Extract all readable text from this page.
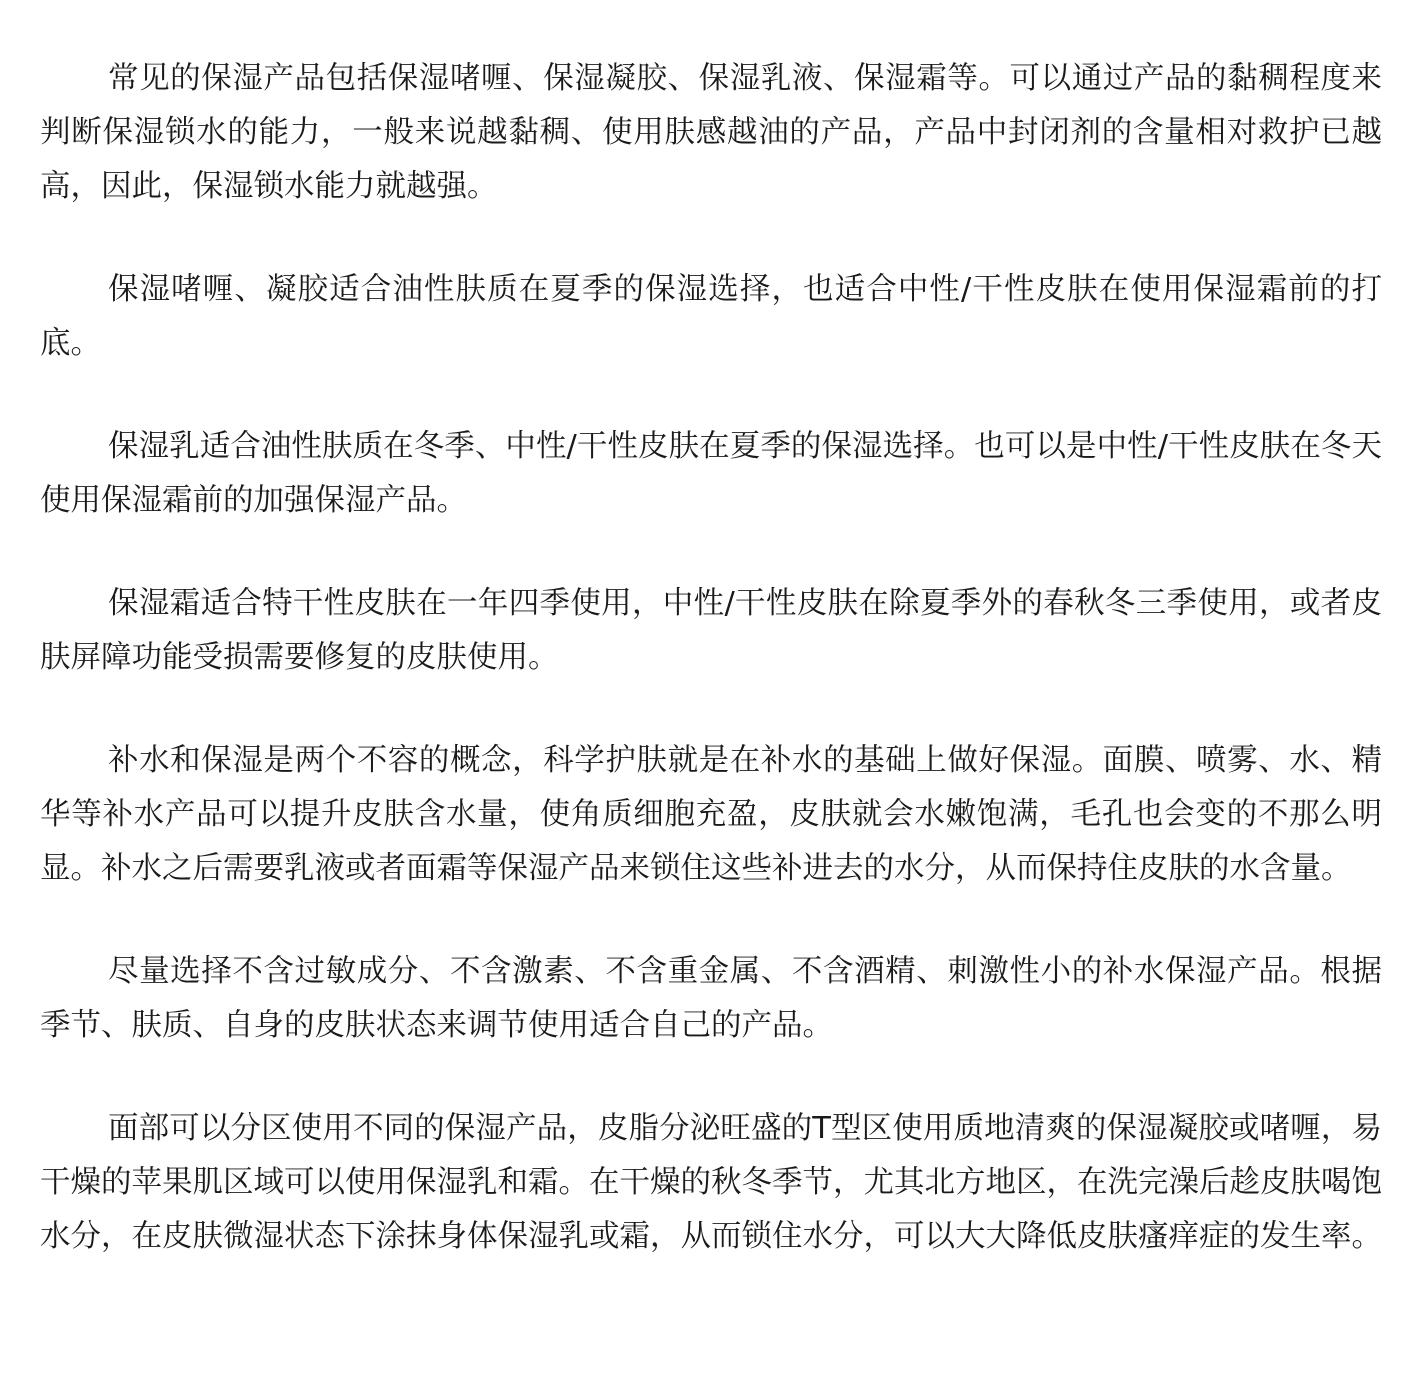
常见的保湿产品包括保湿啫喱、保湿凝胶、保湿乳液、保湿霜等。可以通过产品的黏稠程度来判断保湿锁水的能力，一般来说越黏稠、使用肤感越油的产品，产品中封闭剂的含量相对救护已越高，因此，保湿锁水能力就越强。

保湿啫喱、凝胶适合油性肤质在夏季的保湿选择，也适合中性/干性皮肤在使用保湿霜前的打底。

保湿乳适合油性肤质在冬季、中性/干性皮肤在夏季的保湿选择。也可以是中性/干性皮肤在冬天使用保湿霜前的加强保湿产品。

保湿霜适合特干性皮肤在一年四季使用，中性/干性皮肤在除夏季外的春秋冬三季使用，或者皮肤屏障功能受损需要修复的皮肤使用。

补水和保湿是两个不容的概念，科学护肤就是在补水的基础上做好保湿。面膜、喷雾、水、精华等补水产品可以提升皮肤含水量，使角质细胞充盈，皮肤就会水嫩饱满，毛孔也会变的不那么明显。补水之后需要乳液或者面霜等保湿产品来锁住这些补进去的水分，从而保持住皮肤的水含量。

尽量选择不含过敏成分、不含激素、不含重金属、不含酒精、刺激性小的补水保湿产品。根据季节、肤质、自身的皮肤状态来调节使用适合自己的产品。

面部可以分区使用不同的保湿产品，皮脂分泌旺盛的T型区使用质地清爽的保湿凝胶或啫喱，易干燥的苹果肌区域可以使用保湿乳和霜。在干燥的秋冬季节，尤其北方地区，在洗完澡后趁皮肤喝饱水分，在皮肤微湿状态下涂抹身体保湿乳或霜，从而锁住水分，可以大大降低皮肤瘙痒症的发生率。
